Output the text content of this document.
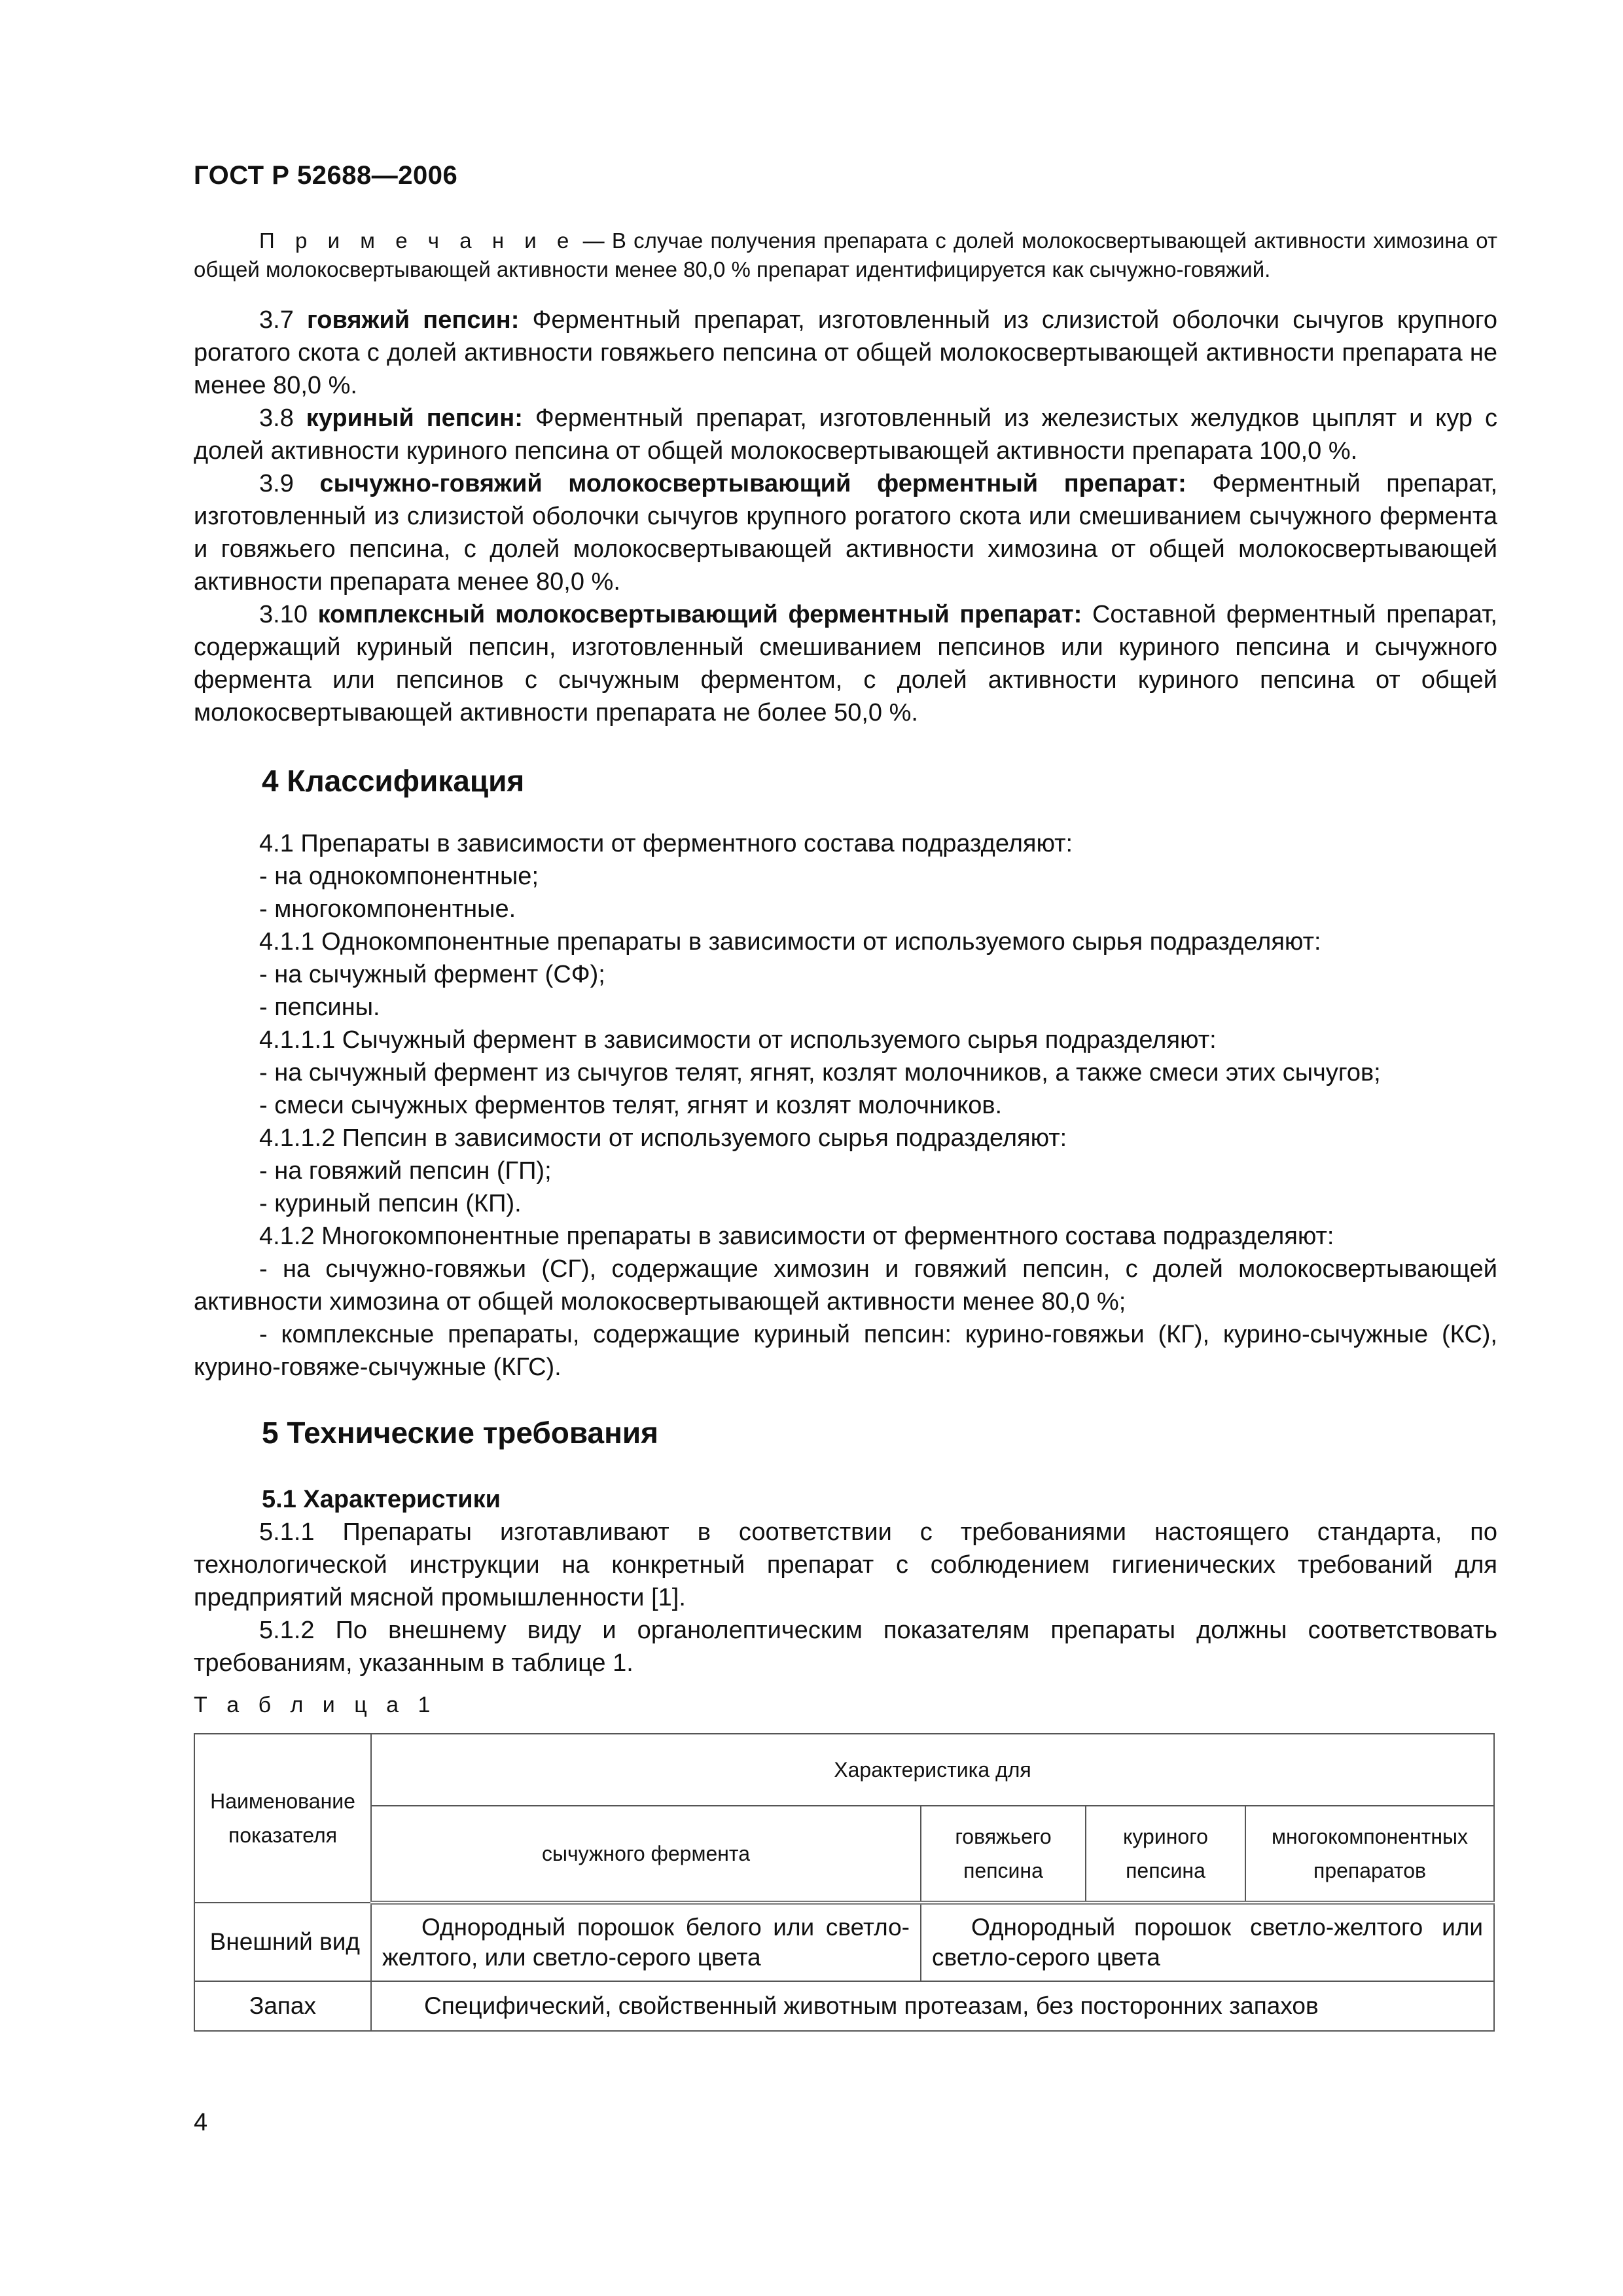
ГОСТ Р 52688—2006
П р и м е ч а н и е — В случае получения препарата с долей молокосвертывающей активности химозина от общей молокосвертывающей активности менее 80,0 % препарат идентифицируется как сычужно-говяжий.
3.7 говяжий пепсин: Ферментный препарат, изготовленный из слизистой оболочки сычугов крупного рогатого скота с долей активности говяжьего пепсина от общей молокосвертывающей активности препарата не менее 80,0 %.
3.8 куриный пепсин: Ферментный препарат, изготовленный из железистых желудков цыплят и кур с долей активности куриного пепсина от общей молокосвертывающей активности препарата 100,0 %.
3.9 сычужно-говяжий молокосвертывающий ферментный препарат: Ферментный препарат, изготовленный из слизистой оболочки сычугов крупного рогатого скота или смешиванием сычужного фермента и говяжьего пепсина, с долей молокосвертывающей активности химозина от общей молокосвертывающей активности препарата менее 80,0 %.
3.10 комплексный молокосвертывающий ферментный препарат: Составной ферментный препарат, содержащий куриный пепсин, изготовленный смешиванием пепсинов или куриного пепсина и сычужного фермента или пепсинов с сычужным ферментом, с долей активности куриного пепсина от общей молокосвертывающей активности препарата не более 50,0 %.
4 Классификация
4.1 Препараты в зависимости от ферментного состава подразделяют:
- на однокомпонентные;
- многокомпонентные.
4.1.1 Однокомпонентные препараты в зависимости от используемого сырья подразделяют:
- на сычужный фермент (СФ);
- пепсины.
4.1.1.1 Сычужный фермент в зависимости от используемого сырья подразделяют:
- на сычужный фермент из сычугов телят, ягнят, козлят молочников, а также смеси этих сычугов;
- смеси сычужных ферментов телят, ягнят и козлят молочников.
4.1.1.2 Пепсин в зависимости от используемого сырья подразделяют:
- на говяжий пепсин (ГП);
- куриный пепсин (КП).
4.1.2 Многокомпонентные препараты в зависимости от ферментного состава подразделяют:
- на сычужно-говяжьи (СГ), содержащие химозин и говяжий пепсин, с долей молокосвертывающей активности химозина от общей молокосвертывающей активности менее 80,0 %;
- комплексные препараты, содержащие куриный пепсин: курино-говяжьи (КГ), курино-сычужные (КС), курино-говяже-сычужные (КГС).
5 Технические требования
5.1 Характеристики
5.1.1 Препараты изготавливают в соответствии с требованиями настоящего стандарта, по технологической инструкции на конкретный препарат с соблюдением гигиенических требований для предприятий мясной промышленности [1].
5.1.2 По внешнему виду и органолептическим показателям препараты должны соответствовать требованиям, указанным в таблице 1.
Т а б л и ц а 1
Наименование показателя	Характеристика для			
	сычужного фермента	говяжьего пепсина	куриного пепсина	многокомпонентных препаратов
Внешний вид	Однородный порошок белого или светло-желтого, или светло-серого цвета	Однородный порошок светло-желтого или светло-серого цвета		
Запах	Специфический, свойственный животным протеазам, без посторонних запахов			
4
